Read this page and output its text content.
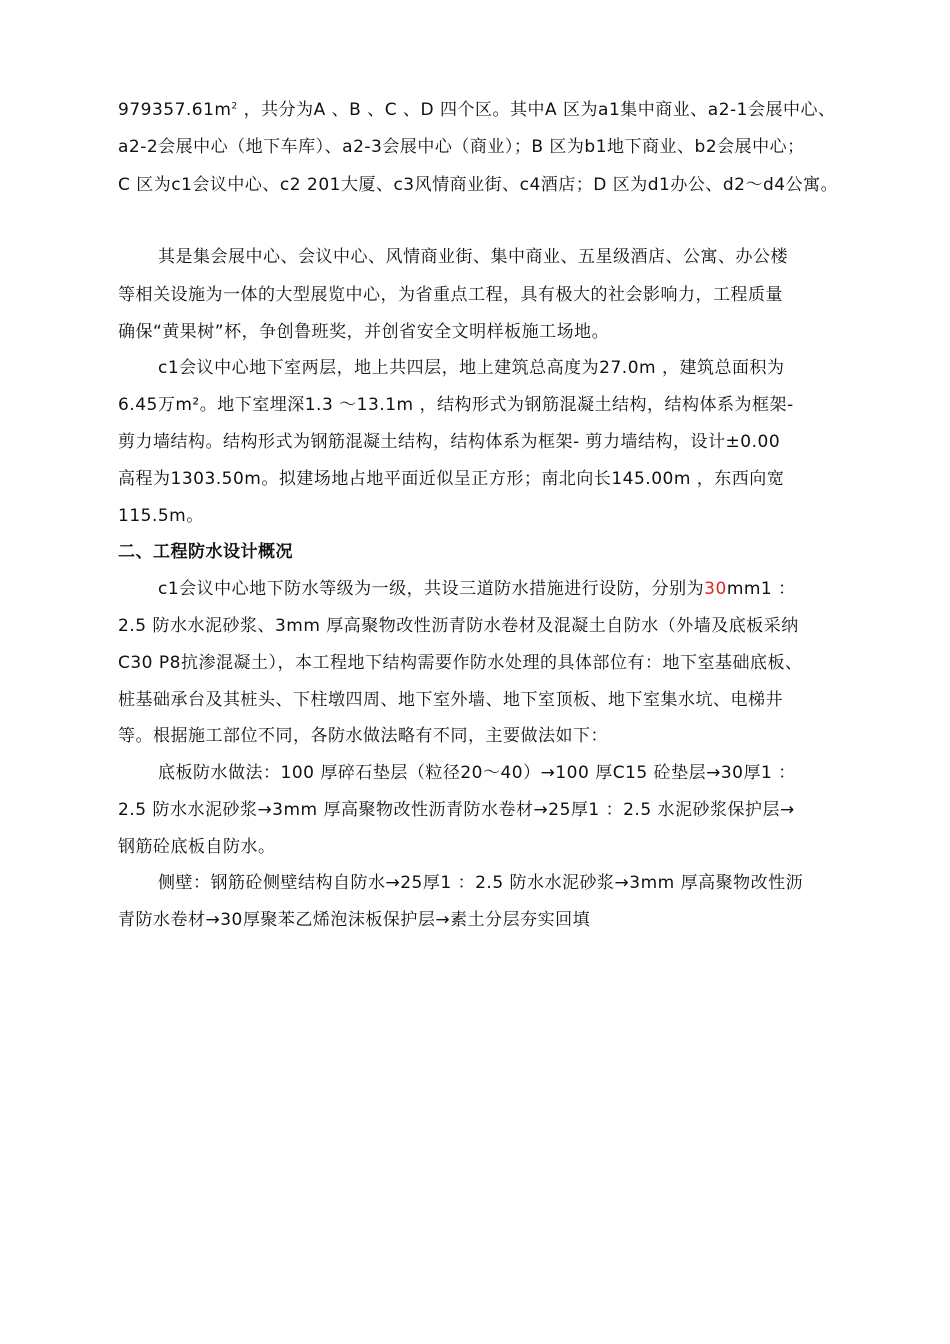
$979357.61m^2$ ，共分为A 、B 、C 、D 四个区。其中A 区为a1集中商业、a2-1会展中心、
a2-2会展中心（地下车库）、a2-3会展中心（商业）；B 区为b1地下商业、b2会展中心；
C 区为c1会议中心、c2 201大厦、c3风情商业街、c4酒店；D 区为d1办公、d2～d4公寓。
其是集会展中心、会议中心、风情商业街、集中商业、五星级酒店、公寓、办公楼
等相关设施为一体的大型展览中心，为省重点工程，具有极大的社会影响力，工程质量
确保“黄果树”杯，争创鲁班奖，并创省安全文明样板施工场地。
c1会议中心地下室两层，地上共四层，地上建筑总高度为27.0m ，建筑总面积为
6.45万m²。地下室埋深1.3 ～13.1m ，结构形式为钢筋混凝土结构，结构体系为框架-
剪力墙结构。结构形式为钢筋混凝土结构，结构体系为框架- 剪力墙结构，设计±0.00
高程为1303.50m。拟建场地占地平面近似呈正方形；南北向长145.00m ，东西向宽
115.5m。
二、工程防水设计概况
c1会议中心地下防水等级为一级，共设三道防水措施进行设防，分别为30mm1 ：
2.5 防水水泥砂浆、3mm 厚高聚物改性沥青防水卷材及混凝土自防水（外墙及底板采纳
C30 P8抗渗混凝土），本工程地下结构需要作防水处理的具体部位有：地下室基础底板、
桩基础承台及其桩头、下柱墩四周、地下室外墙、地下室顶板、地下室集水坑、电梯井
等。根据施工部位不同，各防水做法略有不同，主要做法如下：
底板防水做法：100 厚碎石垫层（粒径20～40）→100 厚C15 砼垫层→30厚1 ：
2.5 防水水泥砂浆→3mm 厚高聚物改性沥青防水卷材→25厚1 ：2.5 水泥砂浆保护层→
钢筋砼底板自防水。
侧壁：钢筋砼侧壁结构自防水→25厚1 ：2.5 防水水泥砂浆→3mm 厚高聚物改性沥
青防水卷材→30厚聚苯乙烯泡沫板保护层→素土分层夯实回填
